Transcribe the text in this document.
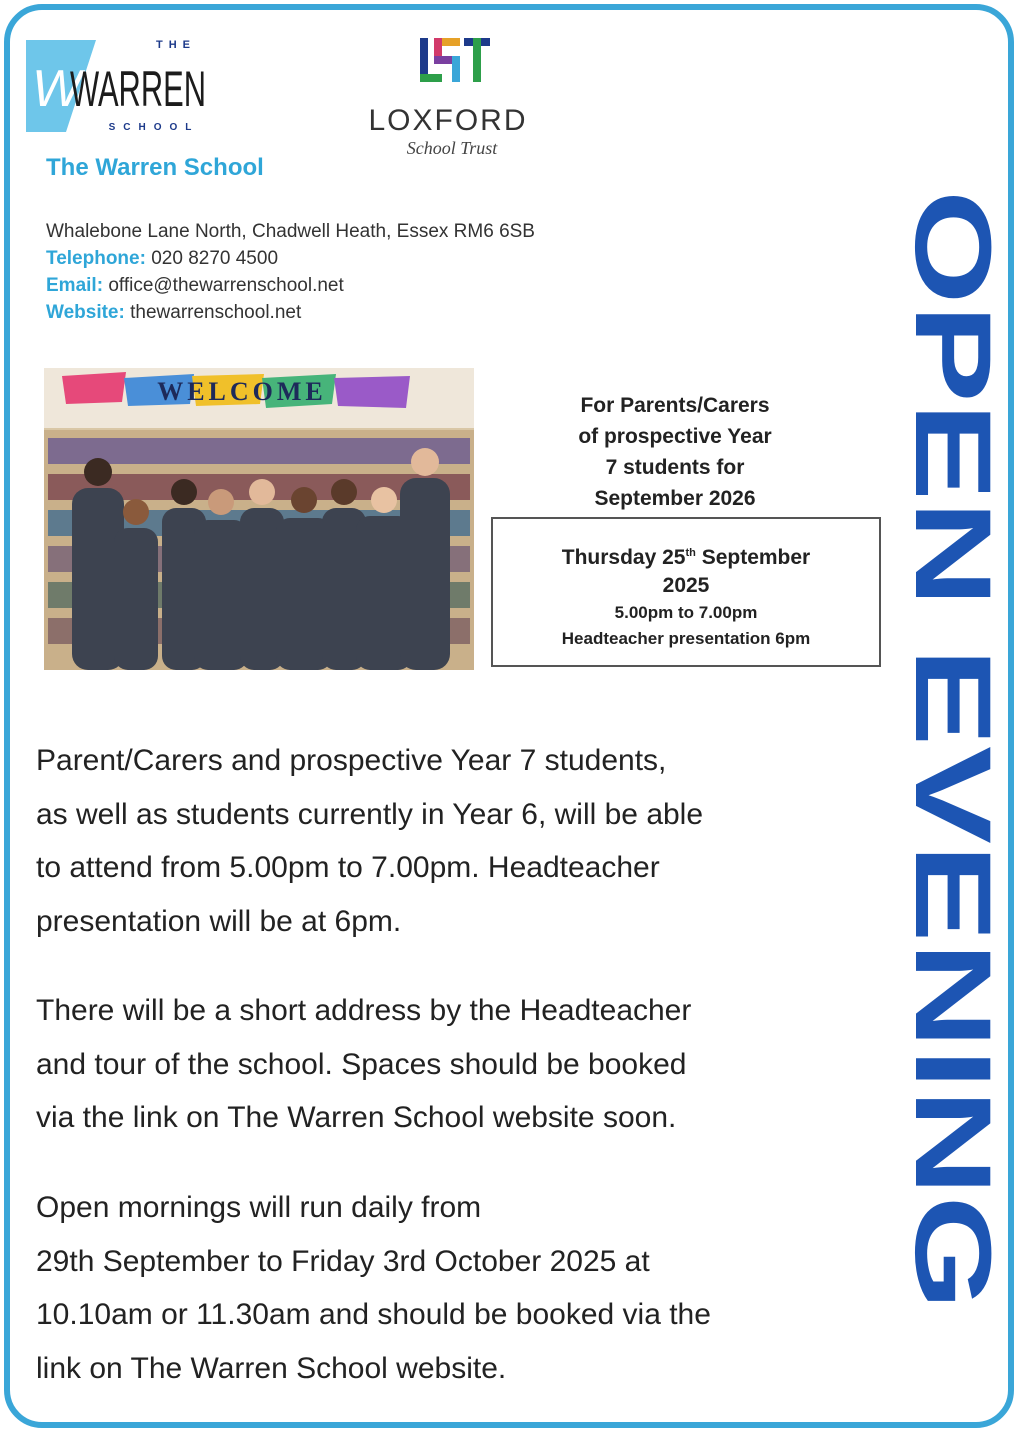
THE
W
WARREN
SCHOOL	LOXFORD
School Trust
The Warren School
Whalebone Lane North, Chadwell Heath, Essex RM6 6SB
Telephone: 020 8270 4500
Email: office@thewarrenschool.net
Website: thewarrenschool.net
WELCOME	For Parents/Carers
of prospective Year
7 students for
September 2026
Thursday 25th September
2025
5.00pm to 7.00pm
Headteacher presentation 6pm OPEN EVENING
Parent/Carers and prospective Year 7 students,
as well as students currently in Year 6, will be able
to attend from 5.00pm to 7.00pm. Headteacher
presentation will be at 6pm.
There will be a short address by the Headteacher
and tour of the school. Spaces should be booked
via the link on The Warren School website soon.
Open mornings will run daily from
29th September to Friday 3rd October 2025 at
10.10am or 11.30am and should be booked via the
link on The Warren School website.
